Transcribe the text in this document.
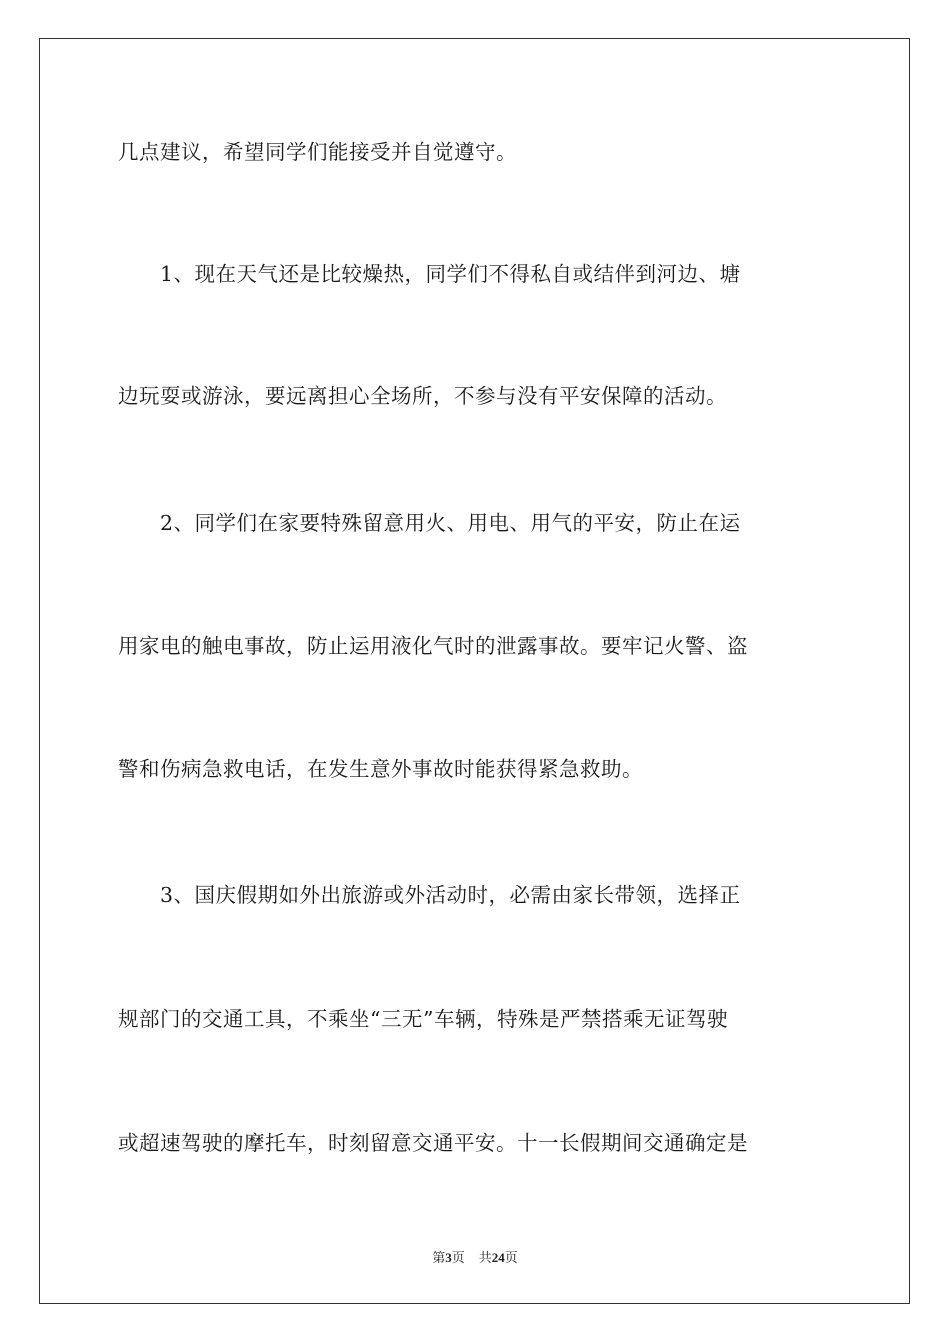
几点建议，希望同学们能接受并自觉遵守。
1、现在天气还是比较燥热，同学们不得私自或结伴到河边、塘
边玩耍或游泳，要远离担心全场所，不参与没有平安保障的活动。
2、同学们在家要特殊留意用火、用电、用气的平安，防止在运
用家电的触电事故，防止运用液化气时的泄露事故。要牢记火警、盗
警和伤病急救电话，在发生意外事故时能获得紧急救助。
3、国庆假期如外出旅游或外活动时，必需由家长带领，选择正
规部门的交通工具，不乘坐“三无”车辆，特殊是严禁搭乘无证驾驶
或超速驾驶的摩托车，时刻留意交通平安。十一长假期间交通确定是
第3页 共24页
